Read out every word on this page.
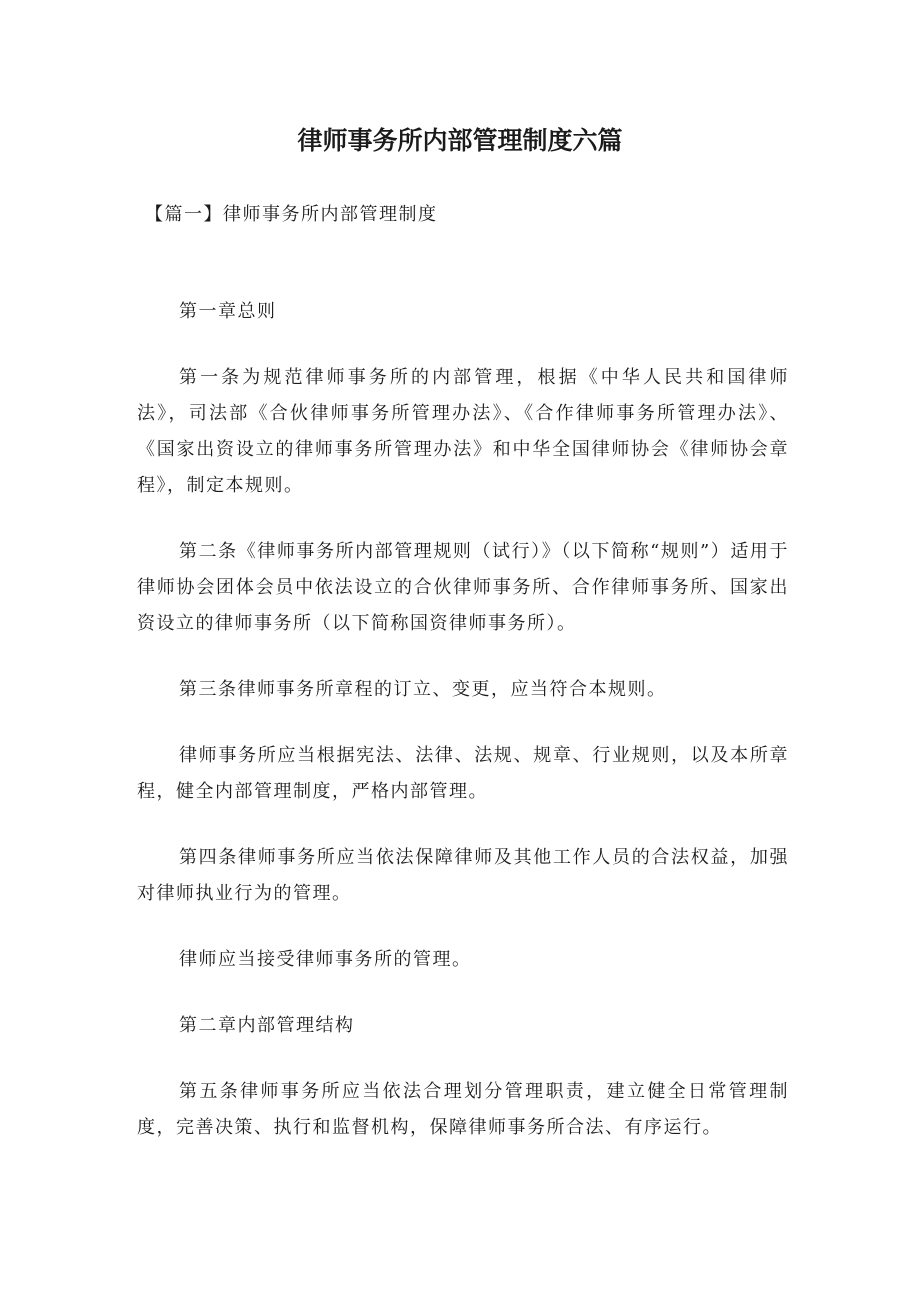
律师事务所内部管理制度六篇

【篇一】律师事务所内部管理制度

第一章总则

第一条为规范律师事务所的内部管理，根据《中华人民共和国律师法》，司法部《合伙律师事务所管理办法》、《合作律师事务所管理办法》、《国家出资设立的律师事务所管理办法》和中华全国律师协会《律师协会章程》，制定本规则。

第二条《律师事务所内部管理规则（试行）》（以下简称“规则”）适用于律师协会团体会员中依法设立的合伙律师事务所、合作律师事务所、国家出资设立的律师事务所（以下简称国资律师事务所）。

第三条律师事务所章程的订立、变更，应当符合本规则。

律师事务所应当根据宪法、法律、法规、规章、行业规则，以及本所章程，健全内部管理制度，严格内部管理。

第四条律师事务所应当依法保障律师及其他工作人员的合法权益，加强对律师执业行为的管理。

律师应当接受律师事务所的管理。

第二章内部管理结构

第五条律师事务所应当依法合理划分管理职责，建立健全日常管理制度，完善决策、执行和监督机构，保障律师事务所合法、有序运行。
